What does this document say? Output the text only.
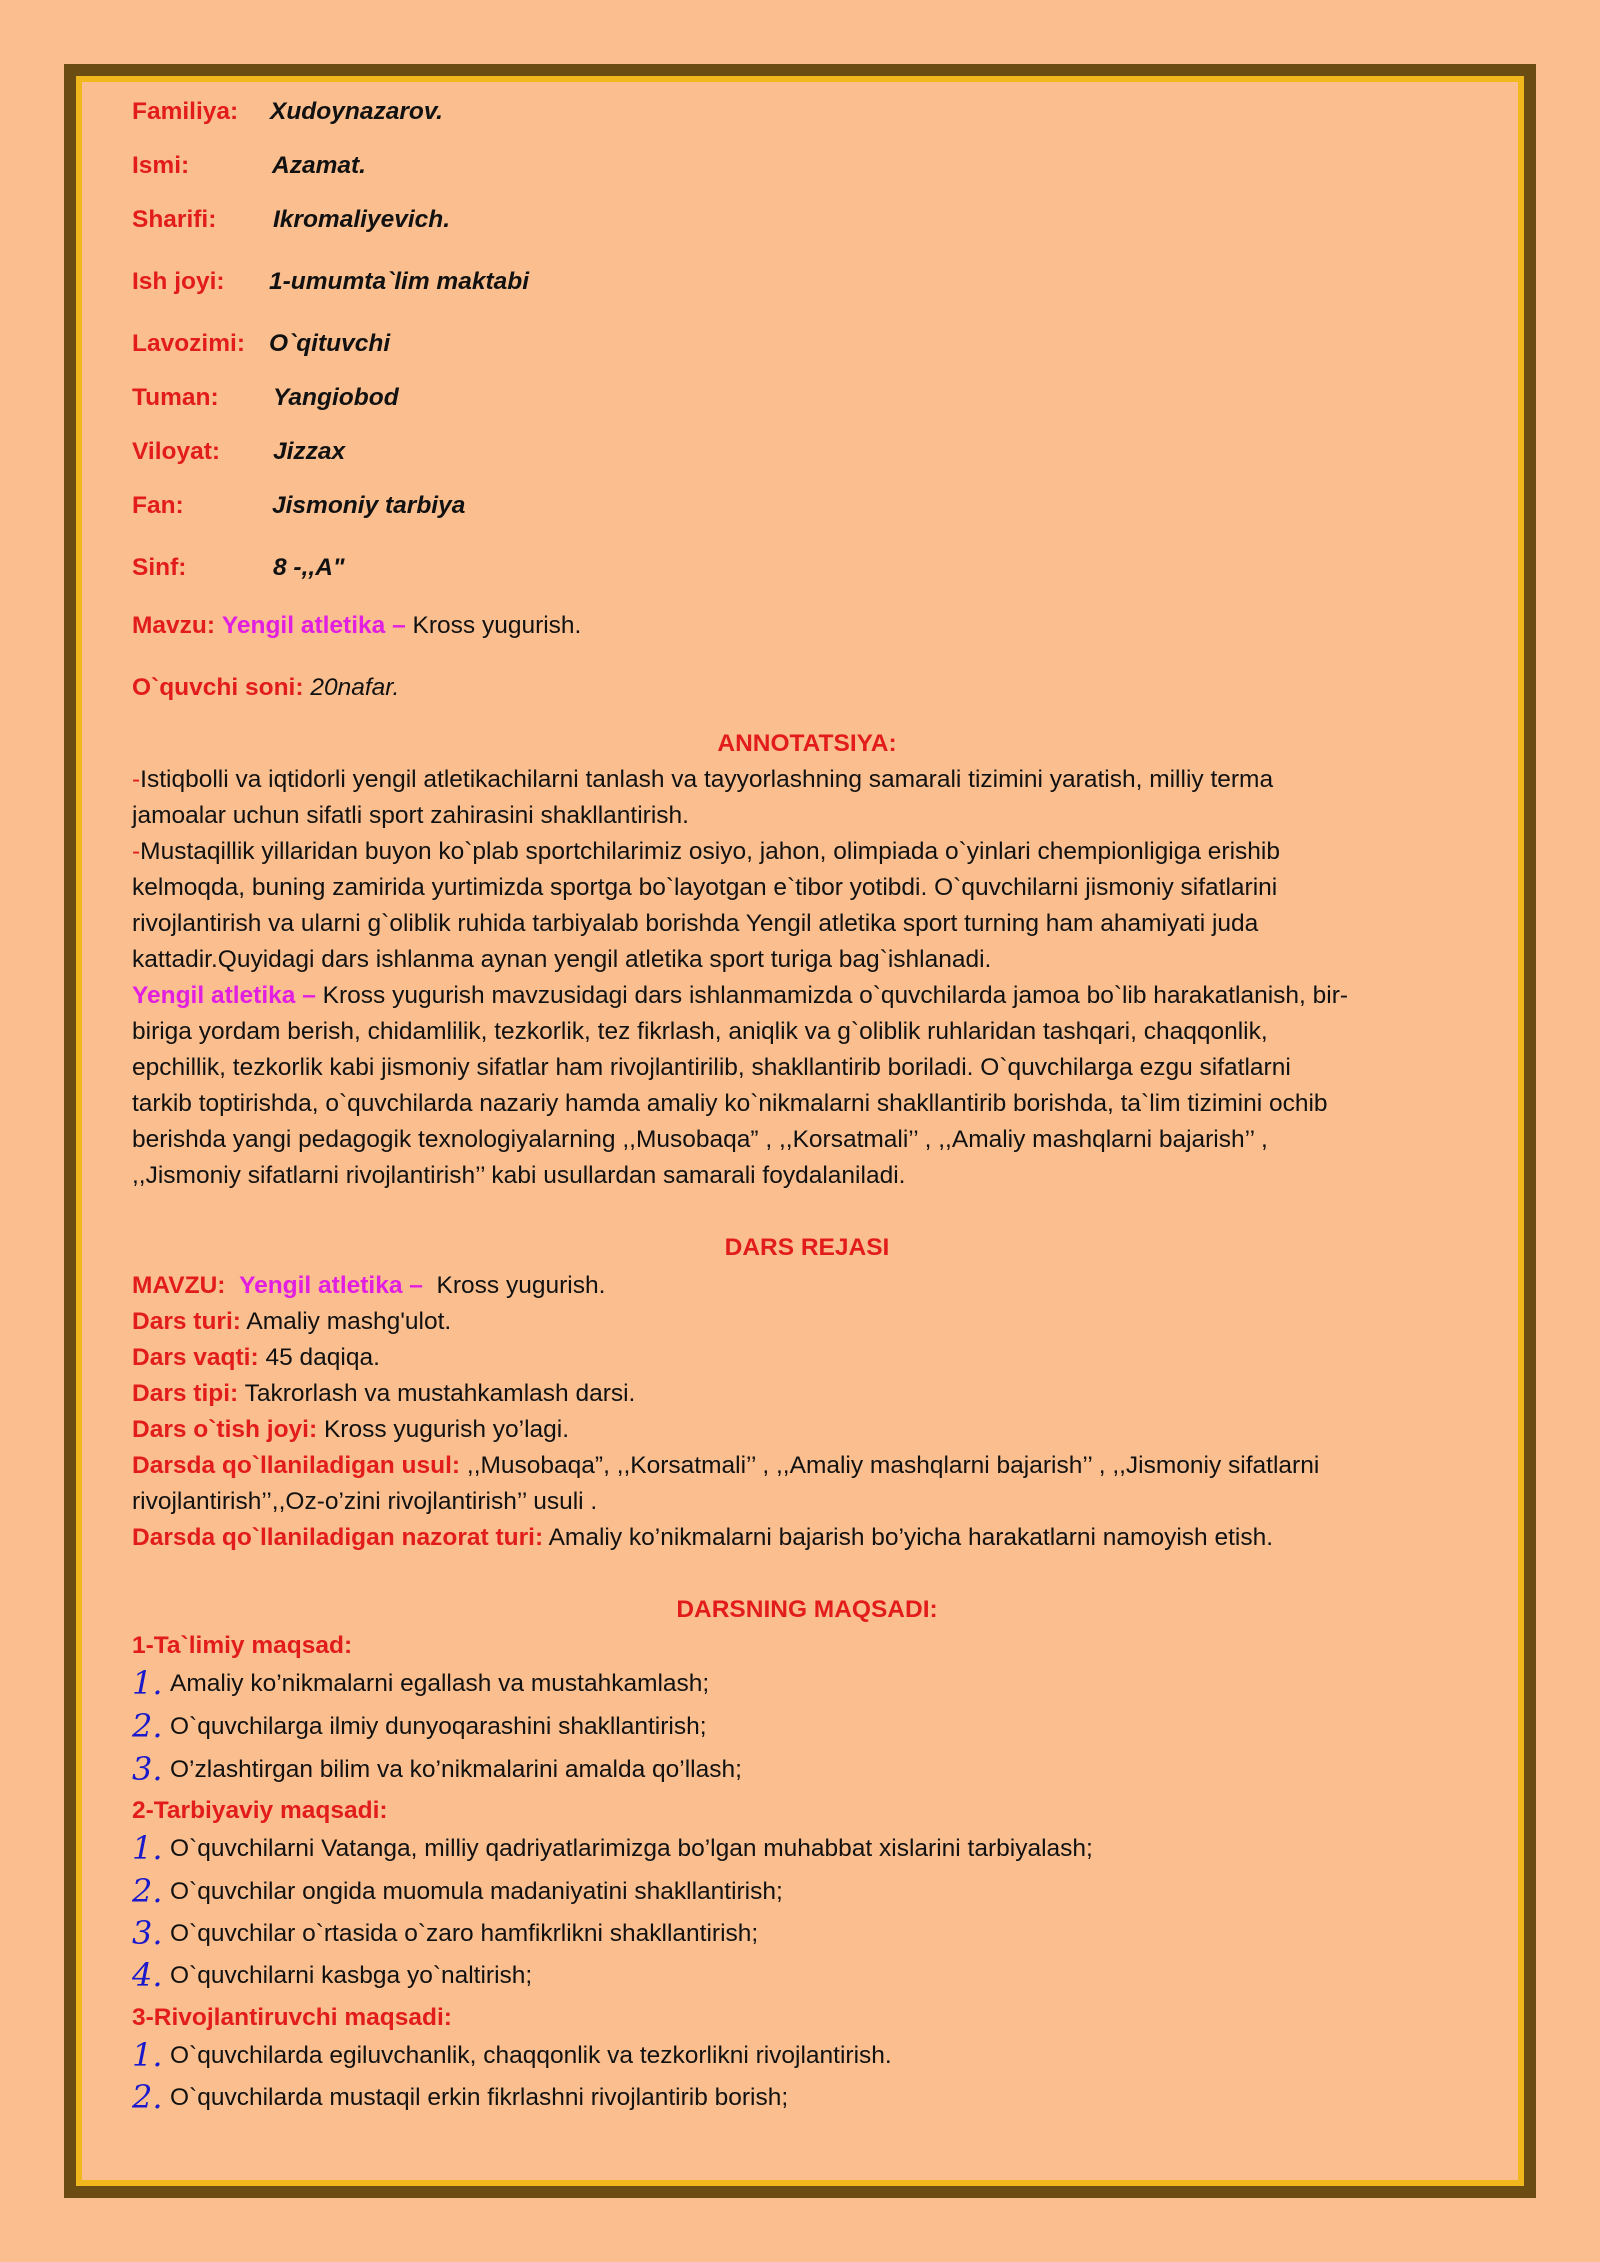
Familiya: Xudoynazarov.
Ismi:	Azamat.
Sharifi: Ikromaliyevich.
Ish joyi: 1-umumta`lim maktabi
Lavozimi: O`qituvchi
Tuman: Yangiobod
Viloyat: Jizzax
Fan:	Jismoniy tarbiya
Sinf:	8 -,,A"
Mavzu: Yengil atletika – Kross yugurish.
O`quvchi soni: 20nafar.
ANNOTATSIYA:
-Istiqbolli va iqtidorli yengil atletikachilarni tanlash va tayyorlashning samarali tizimini yaratish, milliy terma
jamoalar uchun sifatli sport zahirasini shakllantirish.
-Mustaqillik yillaridan buyon ko`plab sportchilarimiz osiyo, jahon, olimpiada o`yinlari chempionligiga erishib
kelmoqda, buning zamirida yurtimizda sportga bo`layotgan e`tibor yotibdi. O`quvchilarni jismoniy sifatlarini
rivojlantirish va ularni g`oliblik ruhida tarbiyalab borishda Yengil atletika sport turning ham ahamiyati juda
kattadir.Quyidagi dars ishlanma aynan yengil atletika sport turiga bag`ishlanadi.
Yengil atletika – Kross yugurish mavzusidagi dars ishlanmamizda o`quvchilarda jamoa bo`lib harakatlanish, bir-
biriga yordam berish, chidamlilik, tezkorlik, tez fikrlash, aniqlik va g`oliblik ruhlaridan tashqari, chaqqonlik,
epchillik, tezkorlik kabi jismoniy sifatlar ham rivojlantirilib, shakllantirib boriladi. O`quvchilarga ezgu sifatlarni
tarkib toptirishda, o`quvchilarda nazariy hamda amaliy ko`nikmalarni shakllantirib borishda, ta`lim tizimini ochib
berishda yangi pedagogik texnologiyalarning ,,Musobaqa” , ,,Korsatmali’’ , ,,Amaliy mashqlarni bajarish’’ ,
,,Jismoniy sifatlarni rivojlantirish’’ kabi usullardan samarali foydalaniladi.
DARS REJASI
MAVZU: Yengil atletika – Kross yugurish.
Dars turi: Amaliy mashg'ulot.
Dars vaqti: 45 daqiqa.
Dars tipi: Takrorlash va mustahkamlash darsi.
Dars o`tish joyi: Kross yugurish yo’lagi.
Darsda qo`llaniladigan usul: ,,Musobaqa”, ,,Korsatmali’’ , ,,Amaliy mashqlarni bajarish’’ , ,,Jismoniy sifatlarni
rivojlantirish’’,,Oz-o’zini rivojlantirish’’ usuli .
Darsda qo`llaniladigan nazorat turi: Amaliy ko’nikmalarni bajarish bo’yicha harakatlarni namoyish etish.
DARSNING MAQSADI:
1-Ta`limiy maqsad:
1. Amaliy ko’nikmalarni egallash va mustahkamlash;
2. O`quvchilarga ilmiy dunyoqarashini shakllantirish;
3. O’zlashtirgan bilim va ko’nikmalarini amalda qo’llash;
2-Tarbiyaviy maqsadi:
1. O`quvchilarni Vatanga, milliy qadriyatlarimizga bo’lgan muhabbat xislarini tarbiyalash;
2. O`quvchilar ongida muomula madaniyatini shakllantirish;
3. O`quvchilar o`rtasida o`zaro hamfikrlikni shakllantirish;
4. O`quvchilarni kasbga yo`naltirish;
3-Rivojlantiruvchi maqsadi:
1. O`quvchilarda egiluvchanlik, chaqqonlik va tezkorlikni rivojlantirish.
2. O`quvchilarda mustaqil erkin fikrlashni rivojlantirib borish;
